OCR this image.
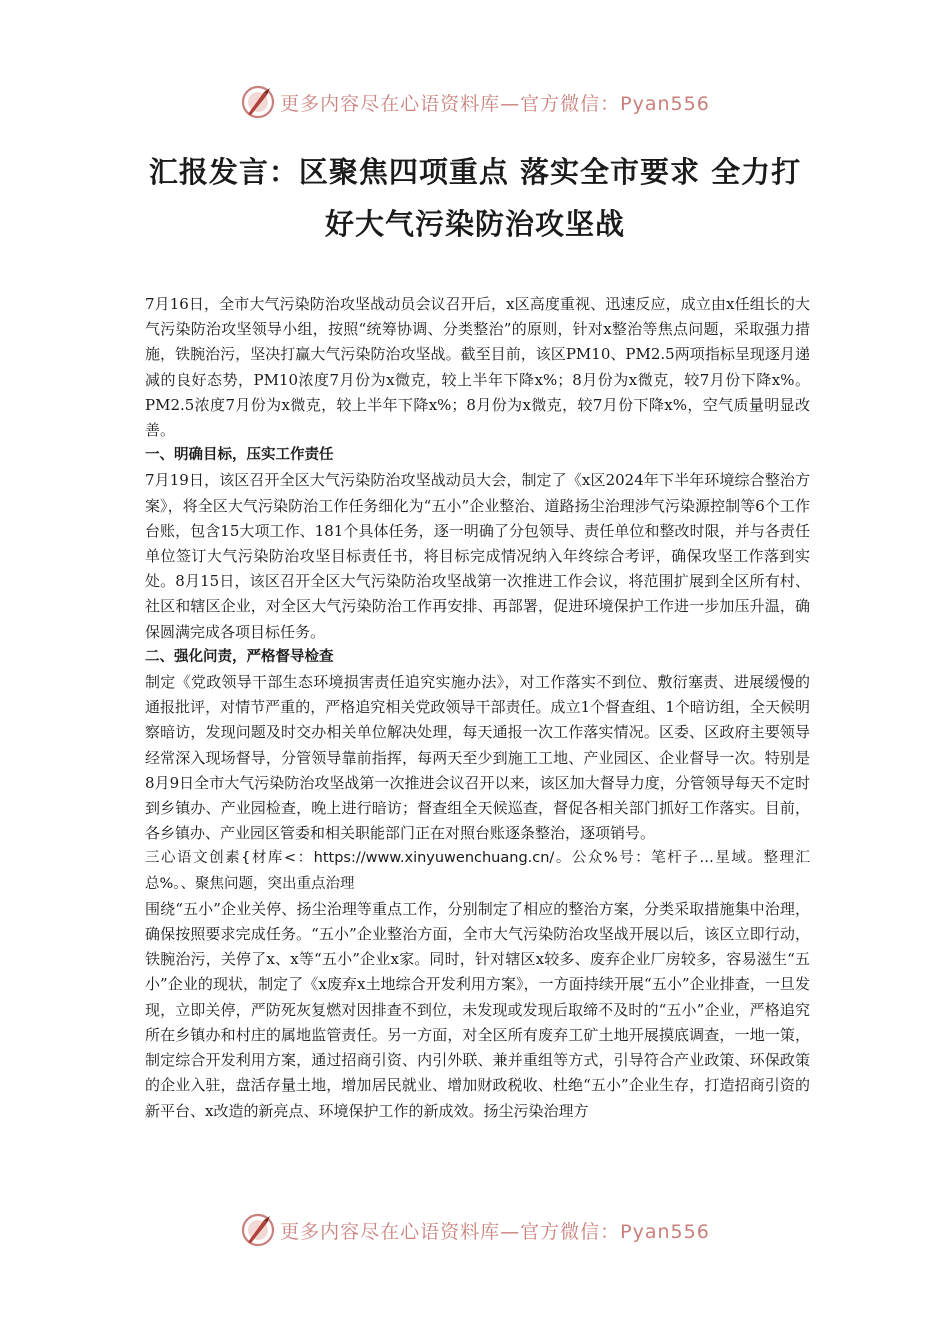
更多内容尽在心语资料库—官方微信：Pyan556
汇报发言：区聚焦四项重点 落实全市要求 全力打好大气污染防治攻坚战

7月16日，全市大气污染防治攻坚战动员会议召开后，x区高度重视、迅速反应，成立由x任组长的大气污染防治攻坚领导小组，按照“统筹协调、分类整治”的原则，针对x整治等焦点问题，采取强力措施，铁腕治污，坚决打赢大气污染防治攻坚战。截至目前，该区PM10、PM2.5两项指标呈现逐月递减的良好态势，PM10浓度7月份为x微克，较上半年下降x%；8月份为x微克，较7月份下降x%。PM2.5浓度7月份为x微克，较上半年下降x%；8月份为x微克，较7月份下降x%，空气质量明显改善。

一、明确目标，压实工作责任

7月19日，该区召开全区大气污染防治攻坚战动员大会，制定了《x区2024年下半年环境综合整治方案》，将全区大气污染防治工作任务细化为“五小”企业整治、道路扬尘治理涉气污染源控制等6个工作台账，包含15大项工作、181个具体任务，逐一明确了分包领导、责任单位和整改时限，并与各责任单位签订大气污染防治攻坚目标责任书，将目标完成情况纳入年终综合考评，确保攻坚工作落到实处。8月15日，该区召开全区大气污染防治攻坚战第一次推进工作会议，将范围扩展到全区所有村、社区和辖区企业，对全区大气污染防治工作再安排、再部署，促进环境保护工作进一步加压升温，确保圆满完成各项目标任务。

二、强化问责，严格督导检查

制定《党政领导干部生态环境损害责任追究实施办法》，对工作落实不到位、敷衍塞责、进展缓慢的通报批评，对情节严重的，严格追究相关党政领导干部责任。成立1个督查组、1个暗访组，全天候明察暗访，发现问题及时交办相关单位解决处理，每天通报一次工作落实情况。区委、区政府主要领导经常深入现场督导，分管领导靠前指挥，每两天至少到施工工地、产业园区、企业督导一次。特别是8月9日全市大气污染防治攻坚战第一次推进会议召开以来，该区加大督导力度，分管领导每天不定时到乡镇办、产业园检查，晚上进行暗访；督查组全天候巡查，督促各相关部门抓好工作落实。目前，各乡镇办、产业园区管委和相关职能部门正在对照台账逐条整治，逐项销号。

三心语文创素{材库<：https://www.xinyuwenchuang.cn/。公众%号：笔杆子…星域。整理汇总%。、聚焦问题，突出重点治理

围绕“五小”企业关停、扬尘治理等重点工作，分别制定了相应的整治方案，分类采取措施集中治理，确保按照要求完成任务。“五小”企业整治方面，全市大气污染防治攻坚战开展以后，该区立即行动，铁腕治污，关停了x、x等“五小”企业x家。同时，针对辖区x较多、废弃企业厂房较多，容易滋生“五小”企业的现状，制定了《x废弃x土地综合开发利用方案》，一方面持续开展“五小”企业排查，一旦发现，立即关停，严防死灰复燃对因排查不到位，未发现或发现后取缔不及时的“五小”企业，严格追究所在乡镇办和村庄的属地监管责任。另一方面，对全区所有废弃工矿土地开展摸底调查，一地一策，制定综合开发利用方案，通过招商引资、内引外联、兼并重组等方式，引导符合产业政策、环保政策的企业入驻，盘活存量土地，增加居民就业、增加财政税收、杜绝“五小”企业生存，打造招商引资的新平台、x改造的新亮点、环境保护工作的新成效。扬尘污染治理方

更多内容尽在心语资料库—官方微信：Pyan556
